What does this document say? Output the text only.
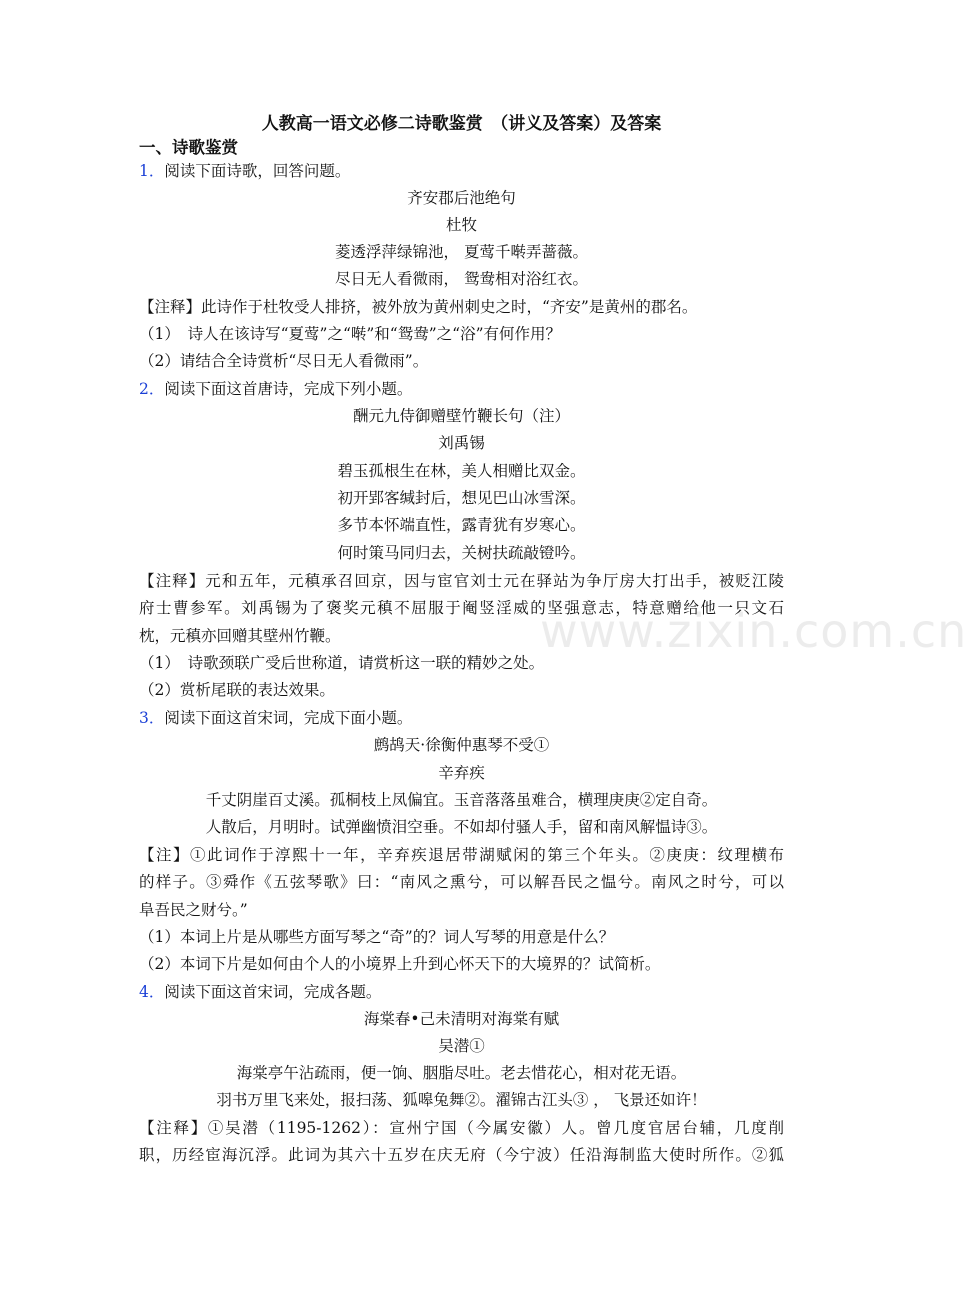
www.zixin.com.cn
人教高一语文必修二诗歌鉴赏　（讲义及答案）及答案
一、诗歌鉴赏
1．阅读下面诗歌，回答问题。
齐安郡后池绝句
杜牧
菱透浮萍绿锦池， 夏莺千啭弄蔷薇。
尽日无人看微雨， 鸳鸯相对浴红衣。
【注释】此诗作于杜牧受人排挤，被外放为黄州刺史之时，“齐安”是黄州的郡名。
（1）　诗人在该诗写“夏莺”之“啭”和“鸳鸯”之“浴”有何作用？
（2）请结合全诗赏析“尽日无人看微雨”。
2．阅读下面这首唐诗，完成下列小题。
酬元九侍御赠壁竹鞭长句（注）
刘禹锡
碧玉孤根生在林，美人相赠比双金。
初开郢客缄封后，想见巴山冰雪深。
多节本怀端直性，露青犹有岁寒心。
何时策马同归去，关树扶疏敲镫吟。
【注释】元和五年，元稹承召回京，因与宦官刘士元在驿站为争厅房大打出手，被贬江陵
府士曹参军。刘禹锡为了褒奖元稹不屈服于阉竖淫威的坚强意志，特意赠给他一只文石
枕，元稹亦回赠其壁州竹鞭。
（1）　诗歌颈联广受后世称道，请赏析这一联的精妙之处。
（2）赏析尾联的表达效果。
3．阅读下面这首宋词，完成下面小题。
鹧鸪天·徐衡仲惠琴不受①
辛弃疾
千丈阴崖百丈溪。孤桐枝上凤偏宜。玉音落落虽难合，横理庚庚②定自奇。
人散后，月明时。试弹幽愤泪空垂。不如却付骚人手，留和南风解愠诗③。
【注】①此词作于淳熙十一年，辛弃疾退居带湖赋闲的第三个年头。②庚庚：纹理横布
的样子。③舜作《五弦琴歌》曰：“南风之熏兮，可以解吾民之愠兮。南风之时兮，可以
阜吾民之财兮。”
（1）本词上片是从哪些方面写琴之“奇”的？词人写琴的用意是什么？
（2）本词下片是如何由个人的小境界上升到心怀天下的大境界的？试简析。
4．阅读下面这首宋词，完成各题。
海棠春•己未清明对海棠有赋
吴潜①
海棠亭午沾疏雨，便一饷、胭脂尽吐。老去惜花心，相对花无语。
羽书万里飞来处，报扫荡、狐嗥兔舞②。濯锦古江头③ ， 飞景还如许！
【注释】①吴潜（1195-1262）：宣州宁国（今属安徽）人。曾几度官居台辅，几度削
职，历经宦海沉浮。此词为其六十五岁在庆无府（今宁波）任沿海制监大使时所作。②狐
